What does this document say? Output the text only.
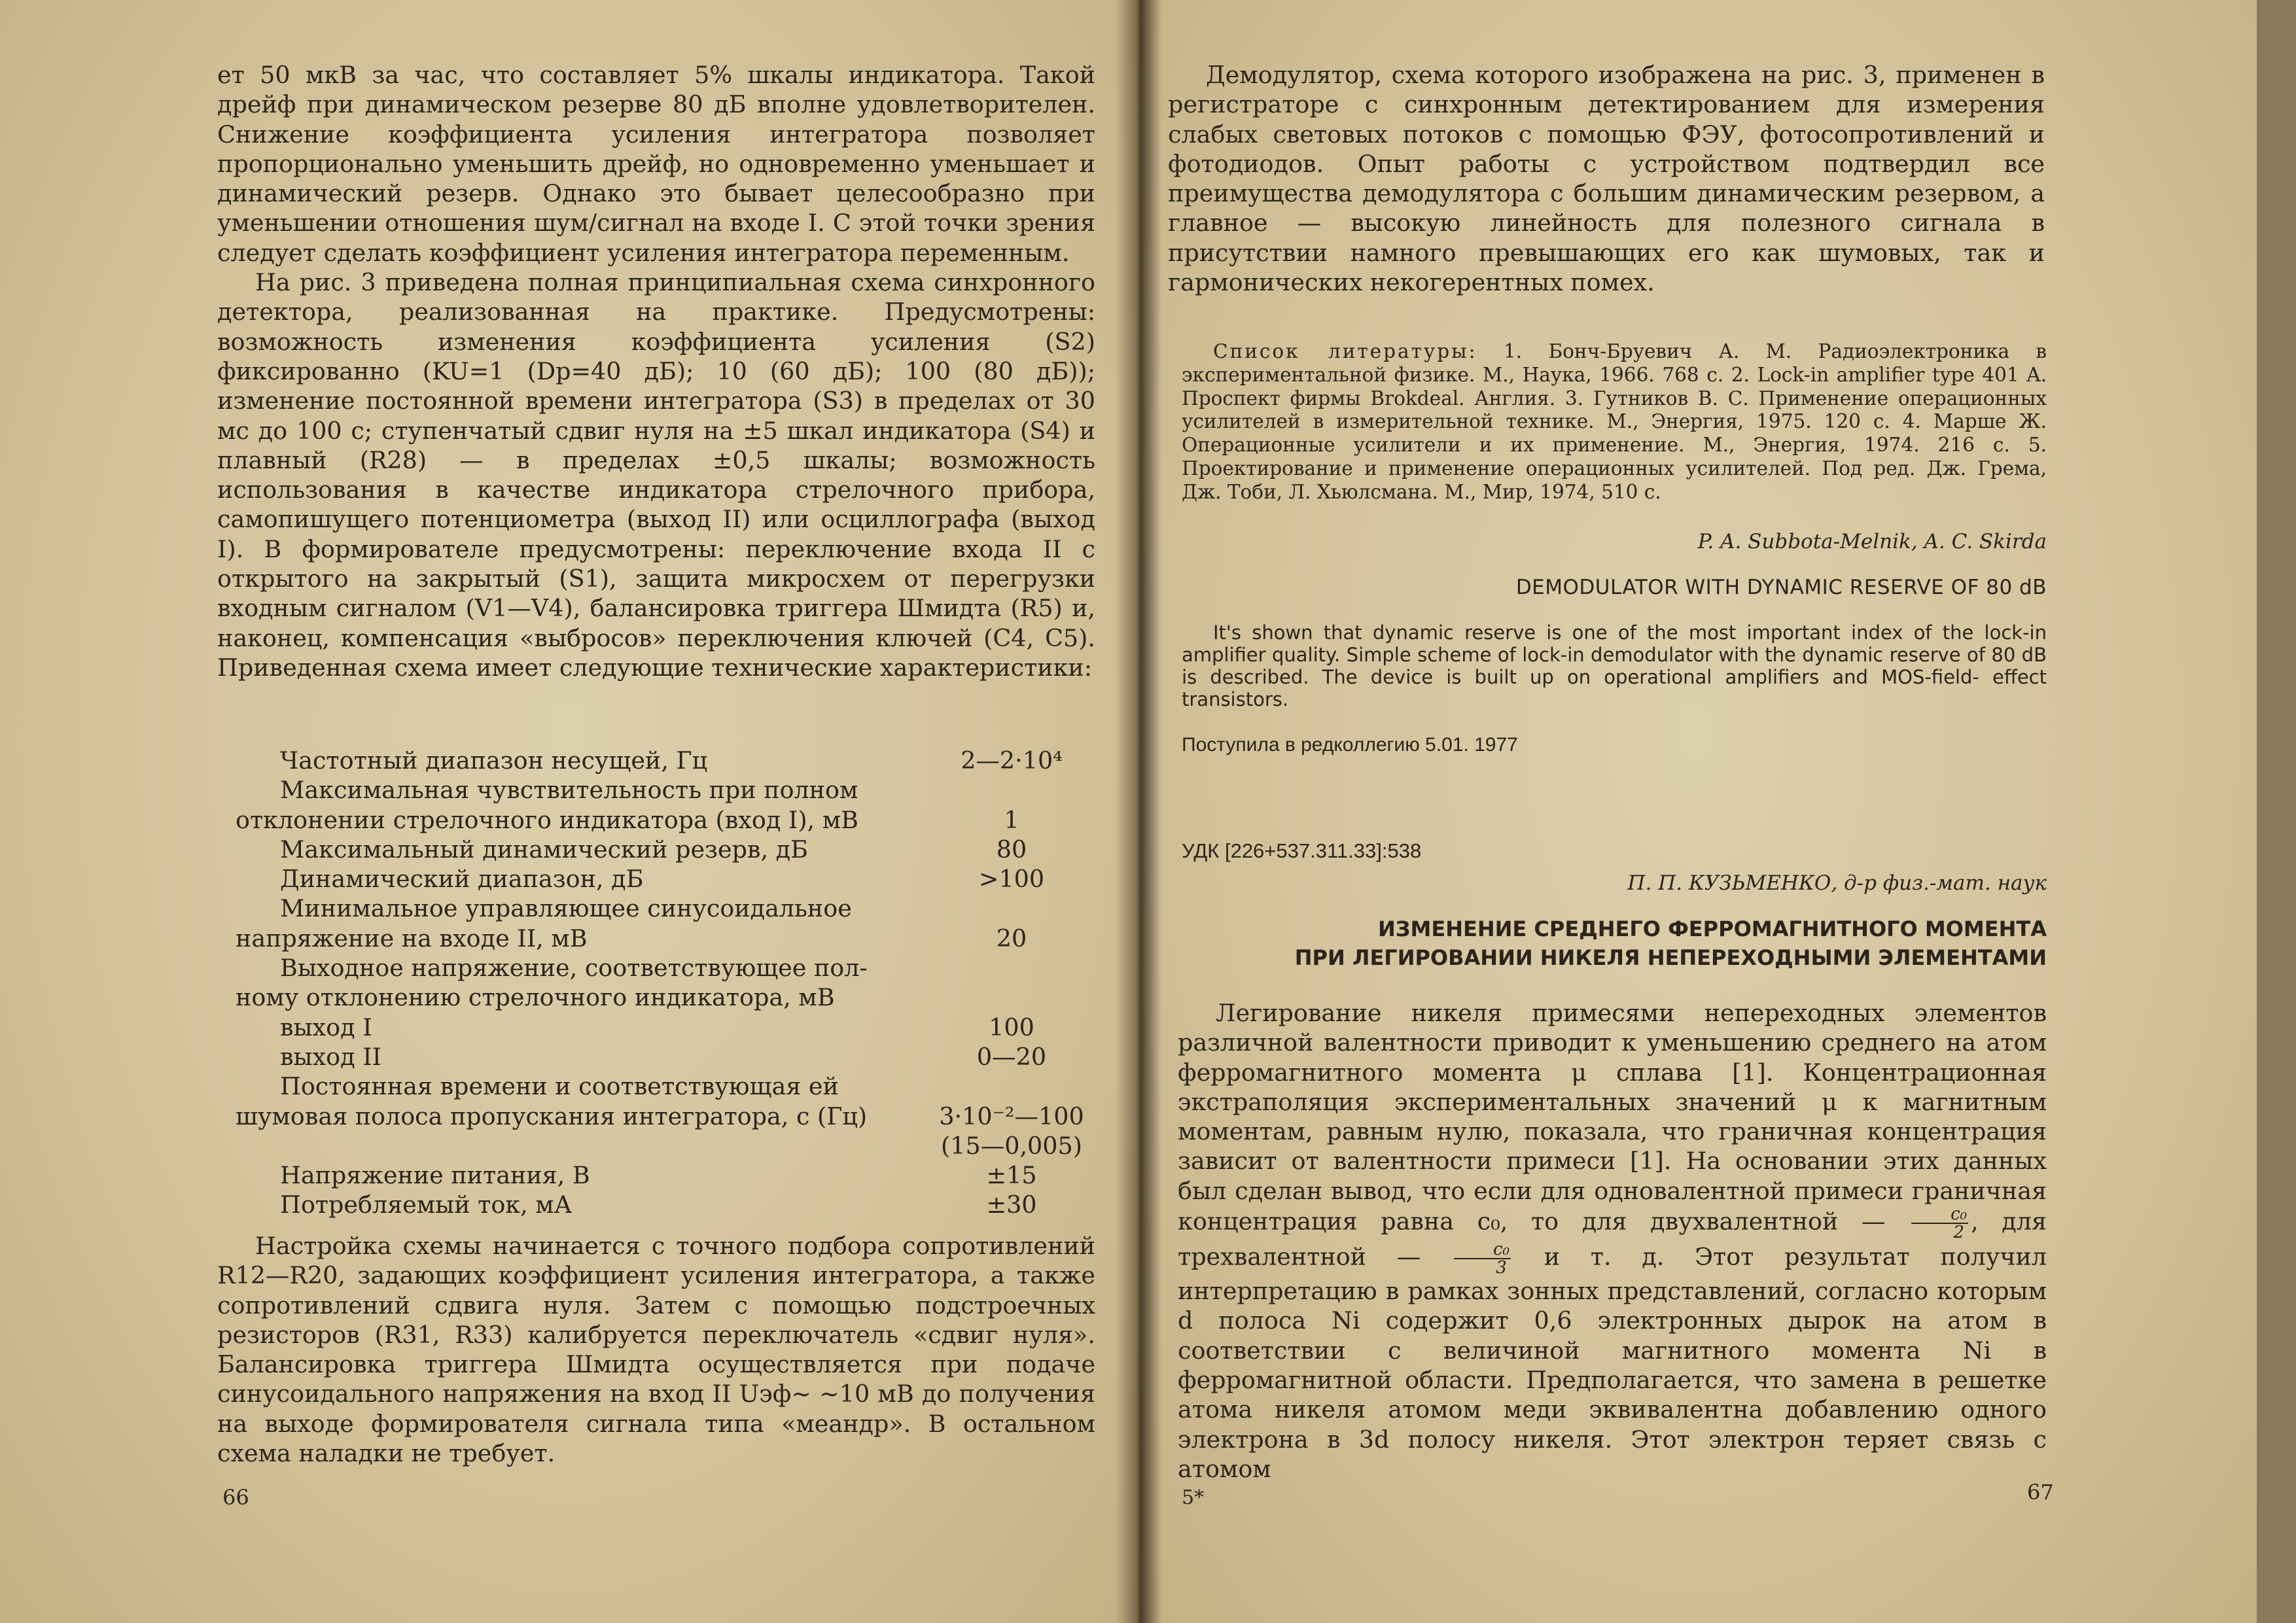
ет 50 мкВ за час, что составляет 5% шкалы индикатора. Такой дрейф при динамическом резерве 80 дБ вполне удовлетворителен. Снижение коэффициента усиления интегратора позволяет пропорционально уменьшить дрейф, но одновременно уменьшает и динамический резерв. Однако это бывает целесообразно при уменьшении отношения шум/сигнал на входе I. С этой точки зрения следует сделать коэффициент усиления интегратора переменным.

На рис. 3 приведена полная принципиальная схема синхронного детектора, реализованная на практике. Предусмотрены: возможность изменения коэффициента усиления (S2) фиксированно (KU=1 (Dp=40 дБ); 10 (60 дБ); 100 (80 дБ)); изменение постоянной времени интегратора (S3) в пределах от 30 мс до 100 с; ступенчатый сдвиг нуля на ±5 шкал индикатора (S4) и плавный (R28) — в пределах ±0,5 шкалы; возможность использования в качестве индикатора стрелочного прибора, самопишущего потенциометра (выход II) или осциллографа (выход I). В формирователе предусмотрены: переключение входа II с открытого на закрытый (S1), защита микросхем от перегрузки входным сигналом (V1—V4), балансировка триггера Шмидта (R5) и, наконец, компенсация «выбросов» переключения ключей (C4, C5). Приведенная схема имеет следующие технические характеристики:

Частотный диапазон несущей, Гц	2—2·10⁴
Максимальная чувствительность при полном
отклонении стрелочного индикатора (вход I), мВ	1
Максимальный динамический резерв, дБ	80
Динамический диапазон, дБ	>100
Минимальное управляющее синусоидальное
напряжение на входе II, мВ	20
Выходное напряжение, соответствующее пол-
ному отклонению стрелочного индикатора, мВ
выход I	100
выход II	0—20
Постоянная времени и соответствующая ей
шумовая полоса пропускания интегратора, с (Гц)	3·10⁻²—100

(15—0,005)
Напряжение питания, В	±15
Потребляемый ток, мА	±30

Настройка схемы начинается с точного подбора сопротивлений R12—R20, задающих коэффициент усиления интегратора, а также сопротивлений сдвига нуля. Затем с помощью подстроечных резисторов (R31, R33) калибруется переключатель «сдвиг нуля». Балансировка триггера Шмидта осуществляется при подаче синусоидального напряжения на вход II Uэф~ ~10 мВ до получения на выходе формирователя сигнала типа «меандр». В остальном схема наладки не требует.

66

Демодулятор, схема которого изображена на рис. 3, применен в регистраторе с синхронным детектированием для измерения слабых световых потоков с помощью ФЭУ, фотосопротивлений и фотодиодов. Опыт работы с устройством подтвердил все преимущества демодулятора с большим динамическим резервом, а главное — высокую линейность для полезного сигнала в присутствии намного превышающих его как шумовых, так и гармонических некогерентных помех.

Список литературы: 1. Бонч-Бруевич А. М. Радиоэлектроника в экспериментальной физике. М., Наука, 1966. 768 с. 2. Lock-in amplifier type 401 A. Проспект фирмы Brokdeal. Англия. 3. Гутников В. С. Применение операционных усилителей в измерительной технике. М., Энергия, 1975. 120 с. 4. Марше Ж. Операционные усилители и их применение. М., Энергия, 1974. 216 с. 5. Проектирование и применение операционных усилителей. Под ред. Дж. Грема, Дж. Тоби, Л. Хьюлсмана. М., Мир, 1974, 510 с.

P. A. Subbota-Melnik, A. C. Skirda
DEMODULATOR WITH DYNAMIC RESERVE OF 80 dB

It's shown that dynamic reserve is one of the most important index of the lock-in amplifier quality. Simple scheme of lock-in demodulator with the dynamic reserve of 80 dB is described. The device is built up on operational amplifiers and MOS-field- effect transistors.

Поступила в редколлегию 5.01. 1977
УДК [226+537.311.33]:538
П. П. КУЗЬМЕНКО, д-р физ.-мат. наук
ИЗМЕНЕНИЕ СРЕДНЕГО ФЕРРОМАГНИТНОГО МОМЕНТА
ПРИ ЛЕГИРОВАНИИ НИКЕЛЯ НЕПЕРЕХОДНЫМИ ЭЛЕМЕНТАМИ

Легирование никеля примесями непереходных элементов различной валентности приводит к уменьшению среднего на атом ферромагнитного момента μ сплава [1]. Концентрационная экстраполяция экспериментальных значений μ к магнитным моментам, равным нулю, показала, что граничная концентрация зависит от валентности примеси [1]. На основании этих данных был сделан вывод, что если для одновалентной примеси граничная концентрация равна c₀, то для двухвалентной — $\frac{\text{c₀}}{2}$ , для трехвалентной — $\frac{\text{c₀}}{3}$ и т. д. Этот результат получил интерпретацию в рамках зонных представлений, согласно которым d полоса Ni содержит 0,6 электронных дырок на атом в соответствии с величиной магнитного момента Ni в ферромагнитной области. Предполагается, что замена в решетке атома никеля атомом меди эквивалентна добавлению одного электрона в 3d полосу никеля. Этот электрон теряет связь с атомом

5*	67
